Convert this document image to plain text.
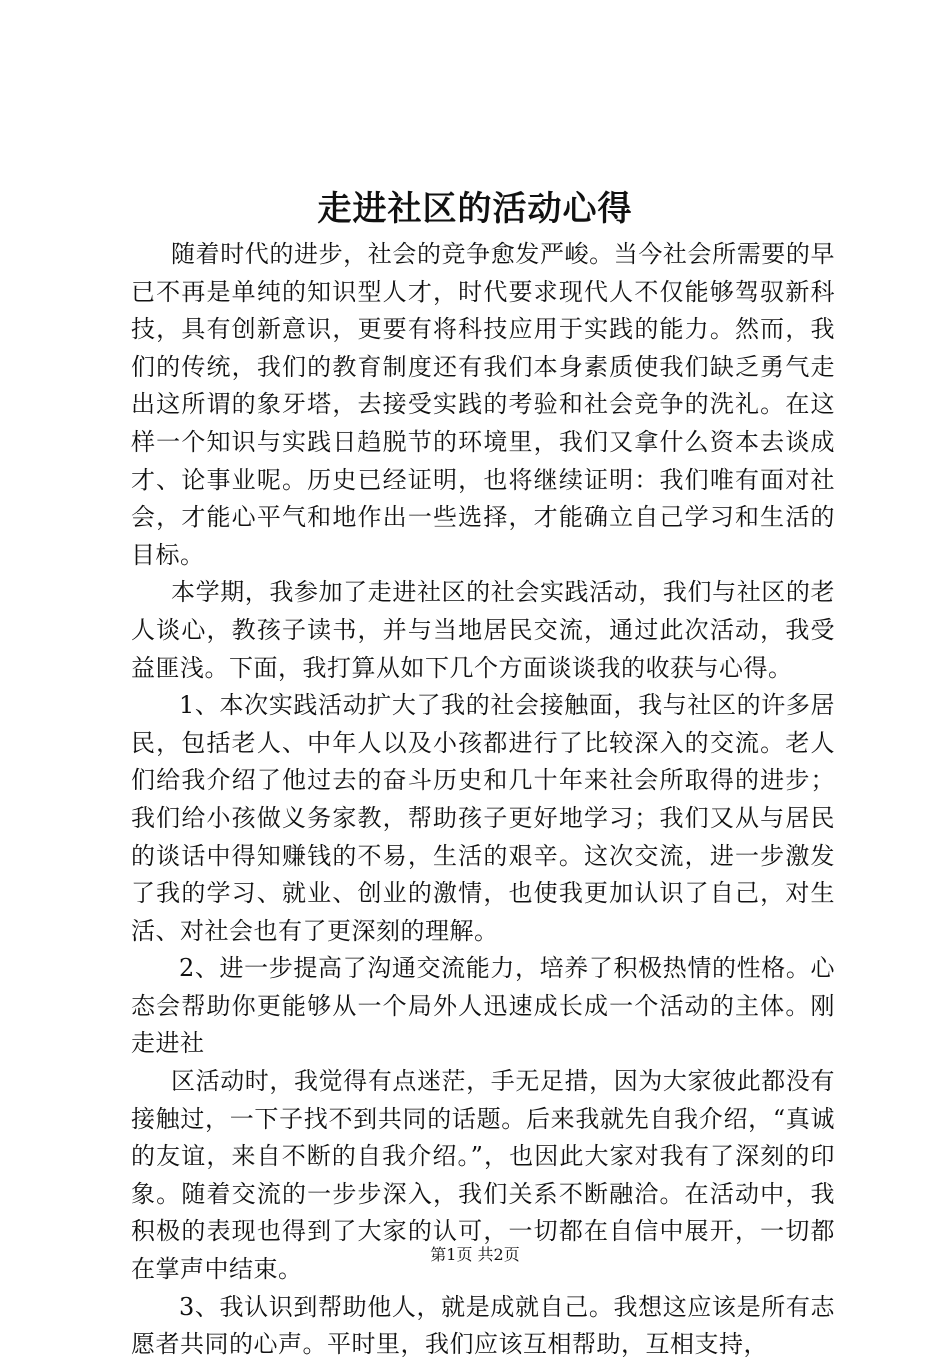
走进社区的活动心得

随着时代的进步，社会的竞争愈发严峻。当今社会所需要的早已不再是单纯的知识型人才，时代要求现代人不仅能够驾驭新科技，具有创新意识，更要有将科技应用于实践的能力。然而，我们的传统，我们的教育制度还有我们本身素质使我们缺乏勇气走出这所谓的象牙塔，去接受实践的考验和社会竞争的洗礼。在这样一个知识与实践日趋脱节的环境里，我们又拿什么资本去谈成才、论事业呢。历史已经证明，也将继续证明：我们唯有面对社会，才能心平气和地作出一些选择，才能确立自己学习和生活的目标。

本学期，我参加了走进社区的社会实践活动，我们与社区的老人谈心，教孩子读书，并与当地居民交流，通过此次活动，我受益匪浅。下面，我打算从如下几个方面谈谈我的收获与心得。

1、本次实践活动扩大了我的社会接触面，我与社区的许多居民，包括老人、中年人以及小孩都进行了比较深入的交流。老人们给我介绍了他过去的奋斗历史和几十年来社会所取得的进步；我们给小孩做义务家教，帮助孩子更好地学习；我们又从与居民的谈话中得知赚钱的不易，生活的艰辛。这次交流，进一步激发了我的学习、就业、创业的激情，也使我更加认识了自己，对生活、对社会也有了更深刻的理解。

2、进一步提高了沟通交流能力，培养了积极热情的性格。心态会帮助你更能够从一个局外人迅速成长成一个活动的主体。刚走进社

区活动时，我觉得有点迷茫，手无足措，因为大家彼此都没有接触过，一下子找不到共同的话题。后来我就先自我介绍，“真诚的友谊，来自不断的自我介绍。”，也因此大家对我有了深刻的印象。随着交流的一步步深入，我们关系不断融洽。在活动中，我积极的表现也得到了大家的认可，一切都在自信中展开，一切都在掌声中结束。

3、我认识到帮助他人，就是成就自己。我想这应该是所有志愿者共同的心声。平时里，我们应该互相帮助，互相支持，

第1页 共2页
